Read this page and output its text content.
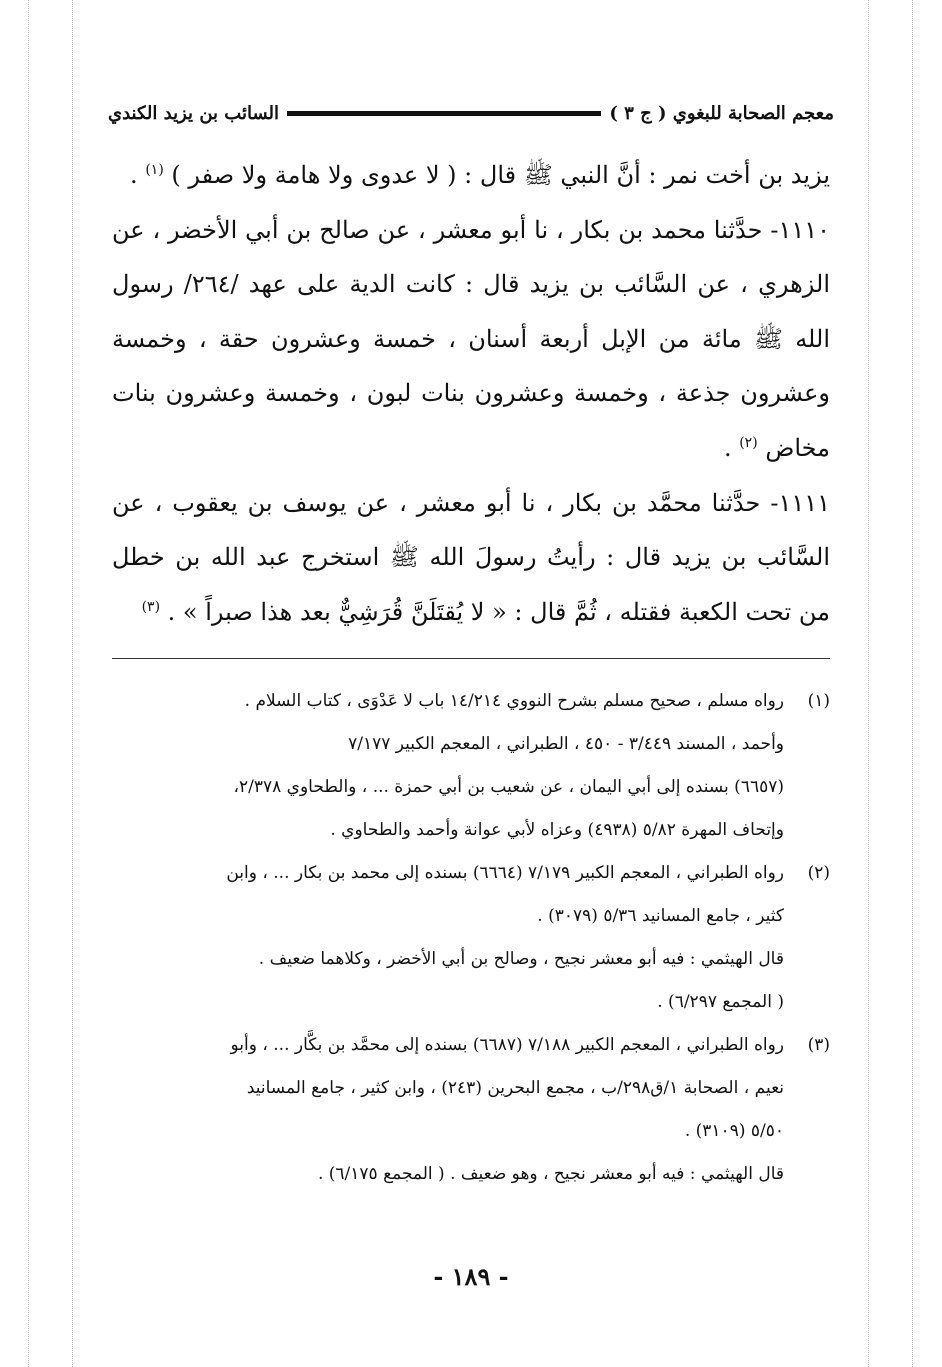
معجم الصحابة للبغوي ( ج ٣ )
السائب بن يزيد الكندي

يزيد بن أخت نمر : أنَّ النبي ﷺ قال : ( لا عدوى ولا هامة ولا صفر ) $^{(١)}$ .

١١١٠- حدَّثنا محمد بن بكار ، نا أبو معشر ، عن صالح بن أبي الأخضر ، عن الزهري ، عن السَّائب بن يزيد قال : كانت الدية على عهد /٢٦٤/ رسول الله ﷺ مائة من الإبل أربعة أسنان ، خمسة وعشرون حقة ، وخمسة وعشرون جذعة ، وخمسة وعشرون بنات لبون ، وخمسة وعشرون بنات مخاض $^{(٢)}$ .

١١١١- حدَّثنا محمَّد بن بكار ، نا أبو معشر ، عن يوسف بن يعقوب ، عن السَّائب بن يزيد قال : رأيتُ رسولَ الله ﷺ استخرج عبد الله بن خطل من تحت الكعبة فقتله ، ثُمَّ قال : « لا يُقتَلَنَّ قُرَشِيٌّ بعد هذا صبراً » . $^{(٣)}$

(١)

رواه مسلم ، صحيح مسلم بشرح النووي ١٤/٢١٤ باب لا عَدْوَى ، كتاب السلام .

وأحمد ، المسند ٣/٤٤٩ - ٤٥٠ ، الطبراني ، المعجم الكبير ٧/١٧٧

(٦٦٥٧) بسنده إلى أبي اليمان ، عن شعيب بن أبي حمزة ... ، والطحاوي ٢/٣٧٨،

وإتحاف المهرة ٥/٨٢ (٤٩٣٨) وعزاه لأبي عوانة وأحمد والطحاوي .

(٢)

رواه الطبراني ، المعجم الكبير ٧/١٧٩ (٦٦٦٤) بسنده إلى محمد بن بكار ... ، وابن

كثير ، جامع المسانيد ٥/٣٦ (٣٠٧٩) .

قال الهيثمي : فيه أبو معشر نجيح ، وصالح بن أبي الأخضر ، وكلاهما ضعيف .

( المجمع ٦/٢٩٧) .

(٣)

رواه الطبراني ، المعجم الكبير ٧/١٨٨ (٦٦٨٧) بسنده إلى محمَّد بن بكَّار ... ، وأبو

نعيم ، الصحابة ١/ق٢٩٨/ب ، مجمع البحرين (٢٤٣) ، وابن كثير ، جامع المسانيد

٥/٥٠ (٣١٠٩) .

قال الهيثمي : فيه أبو معشر نجيح ، وهو ضعيف . ( المجمع ٦/١٧٥) .

- ١٨٩ -
